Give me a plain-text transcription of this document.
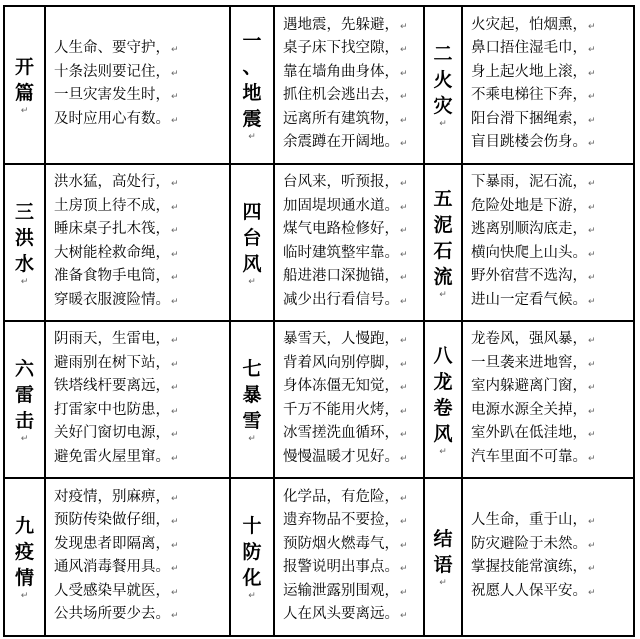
开
篇
↵
人生命、要守护， ↵
十条法则要记住， ↵
一旦灾害发生时， ↵
及时应用心有数。 ↵
一
、
地
震
↵
遇地震，先躲避， ↵
桌子床下找空隙， ↵
靠在墙角曲身体， ↵
抓住机会逃出去， ↵
远离所有建筑物， ↵
余震蹲在开阔地。 ↵
二
火
灾
↵
火灾起，怕烟熏， ↵
鼻口捂住湿毛巾， ↵
身上起火地上滚， ↵
不乘电梯往下奔， ↵
阳台滑下捆绳索， ↵
盲目跳楼会伤身。 ↵
三
洪
水
↵
洪水猛，高处行， ↵
土房顶上待不成， ↵
睡床桌子扎木筏， ↵
大树能栓救命绳， ↵
准备食物手电筒， ↵
穿暖衣服渡险情。 ↵
四
台
风
↵
台风来，听预报， ↵
加固堤坝通水道。 ↵
煤气电路检修好， ↵
临时建筑整牢靠。 ↵
船进港口深抛锚， ↵
减少出行看信号。 ↵
五
泥
石
流
↵
下暴雨，泥石流， ↵
危险处地是下游， ↵
逃离别顺沟底走， ↵
横向快爬上山头。 ↵
野外宿营不选沟， ↵
进山一定看气候。 ↵
六
雷
击
↵
阴雨天，生雷电， ↵
避雨别在树下站， ↵
铁塔线杆要离远， ↵
打雷家中也防患， ↵
关好门窗切电源， ↵
避免雷火屋里窜。 ↵
七
暴
雪
↵
暴雪天，人慢跑， ↵
背着风向别停脚， ↵
身体冻僵无知觉， ↵
千万不能用火烤， ↵
冰雪搓洗血循环， ↵
慢慢温暖才见好。 ↵
八
龙
卷
风
↵
龙卷风，强风暴， ↵
一旦袭来进地窖， ↵
室内躲避离门窗， ↵
电源水源全关掉， ↵
室外趴在低洼地， ↵
汽车里面不可靠。 ↵
九
疫
情
↵
对疫情，别麻痹， ↵
预防传染做仔细， ↵
发现患者即隔离， ↵
通风消毒餐用具。 ↵
人受感染早就医， ↵
公共场所要少去。 ↵
十
防
化
↵
化学品，有危险， ↵
遗弃物品不要捡， ↵
预防烟火燃毒气， ↵
报警说明出事点。 ↵
运输泄露别围观， ↵
人在风头要离远。 ↵
结
语
↵
人生命，重于山， ↵
防灾避险于未然。 ↵
掌握技能常演练， ↵
祝愿人人保平安。 ↵
